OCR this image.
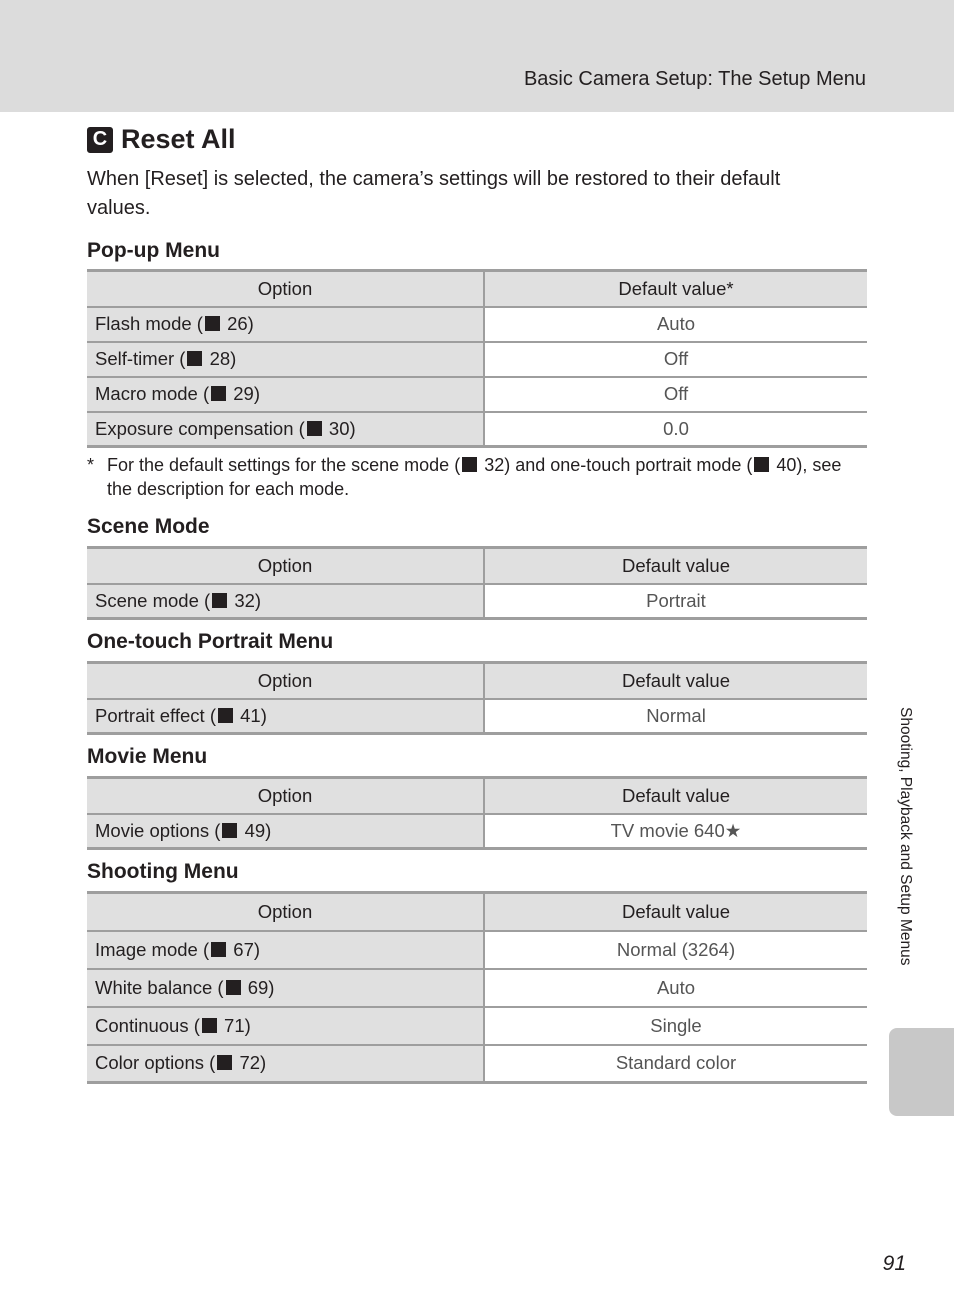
Basic Camera Setup: The Setup Menu
C Reset All
When [Reset] is selected, the camera’s settings will be restored to their default values.
Pop-up Menu
Option	Default value*
Flash mode ( 26)	Auto
Self-timer ( 28)	Off
Macro mode ( 29)	Off
Exposure compensation ( 30)	0.0
* For the default settings for the scene mode ( 32) and one-touch portrait mode ( 40), see the description for each mode.
Scene Mode
Option	Default value
Scene mode ( 32)	Portrait
One-touch Portrait Menu
Option	Default value
Portrait effect ( 41)	Normal
Movie Menu
Option	Default value
Movie options ( 49)	TV movie 640★
Shooting Menu
Option	Default value
Image mode ( 67)	Normal (3264)
White balance ( 69)	Auto
Continuous ( 71)	Single
Color options ( 72)	Standard color
Shooting, Playback and Setup Menus
91
